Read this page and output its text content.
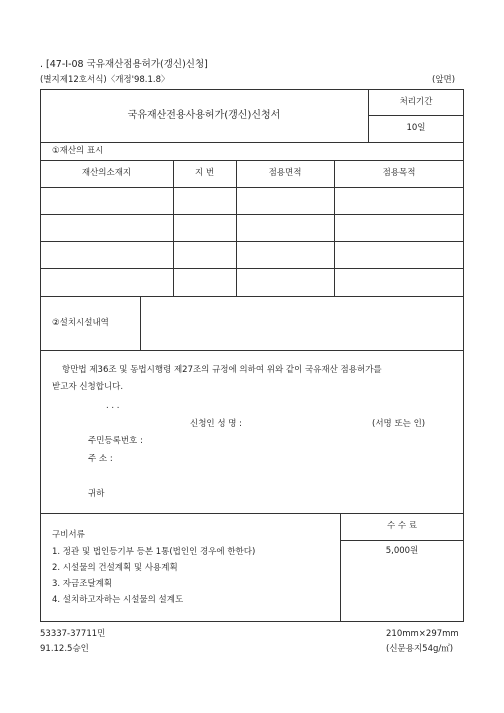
. [47-I-08 국유재산점용허가(갱신)신청]
(별지제12호서식)〈개정'98.1.8〉	(앞면)
국유재산전용사용허가(갱신)신청서
처리기간
10일
①재산의 표시
재산의소재지	지 번	점용면적	점용목적
②설치시설내역
항만법 제36조 및 동법시행령 제27조의 규정에 의하여 위와 같이 국유재산 점용허가를
받고자 신청합니다.
. . .
신청인 성 명 :	(서명 또는 인)
주민등록번호 :
주 소 :
귀하
수 수 료
5,000원
구비서류
1. 정관 및 법인등기부 등본 1통(법인인 경우에 한한다)
2. 시설물의 건설계획 및 사용계획
3. 자금조달계획
4. 설치하고자하는 시설물의 설계도
53337-37711민
91.12.5승인
210mm×297mm
(신문용지54g/㎡)
